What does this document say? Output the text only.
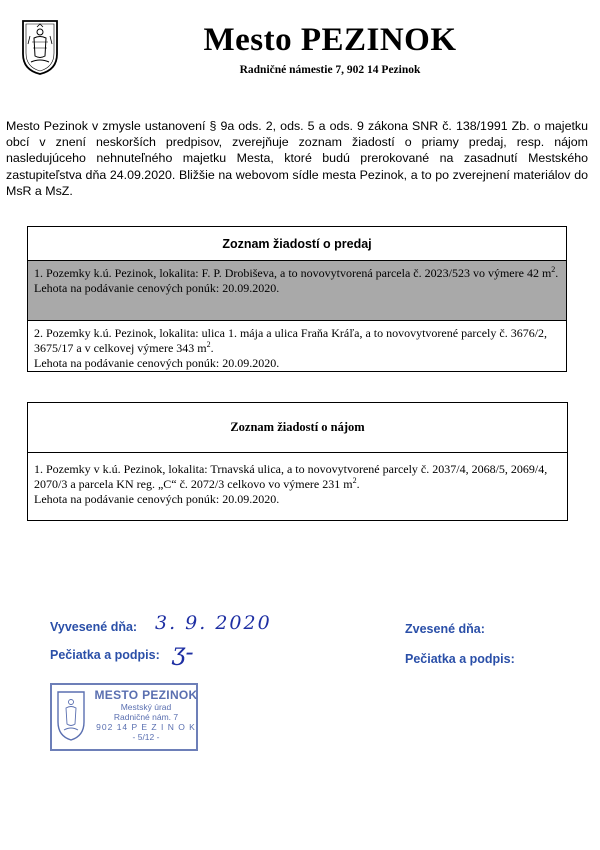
Mesto PEZINOK
Radničné námestie 7, 902 14 Pezinok
Mesto Pezinok v zmysle ustanovení § 9a ods. 2, ods. 5 a ods. 9 zákona SNR č. 138/1991 Zb. o majetku obcí v znení neskorších predpisov, zverejňuje zoznam žiadostí o priamy predaj, resp. nájom nasledujúceho nehnuteľného majetku Mesta, ktoré budú prerokované na zasadnutí Mestského zastupiteľstva dňa 24.09.2020. Bližšie na webovom sídle mesta Pezinok, a to po zverejnení materiálov do MsR a MsZ.
Zoznam žiadostí o predaj
1. Pozemky k.ú. Pezinok, lokalita: F. P. Drobiševa, a to novovytvorená parcela č. 2023/523 vo výmere 42 $m^2$.
Lehota na podávanie cenových ponúk: 20.09.2020.
2. Pozemky k.ú. Pezinok, lokalita: ulica 1. mája a ulica Fraňa Kráľa, a to novovytvorené parcely č. 3676/2, 3675/17 a v celkovej výmere 343 $m^2$.
Lehota na podávanie cenových ponúk: 20.09.2020.
Zoznam žiadostí o nájom
1. Pozemky v k.ú. Pezinok, lokalita: Trnavská ulica, a to novovytvorené parcely č. 2037/4, 2068/5, 2069/4, 2070/3 a parcela KN reg. „C“ č. 2072/3 celkovo vo výmere 231 $m^2$.
Lehota na podávanie cenových ponúk: 20.09.2020.
Vyvesené dňa: 3. 9. 2020
Pečiatka a podpis: ʒ-
Zvesené dňa:
Pečiatka a podpis:
MESTO PEZINOK
Mestský úrad
Radničné nám. 7
902 14 P E Z I N O K
- 5/12 -
